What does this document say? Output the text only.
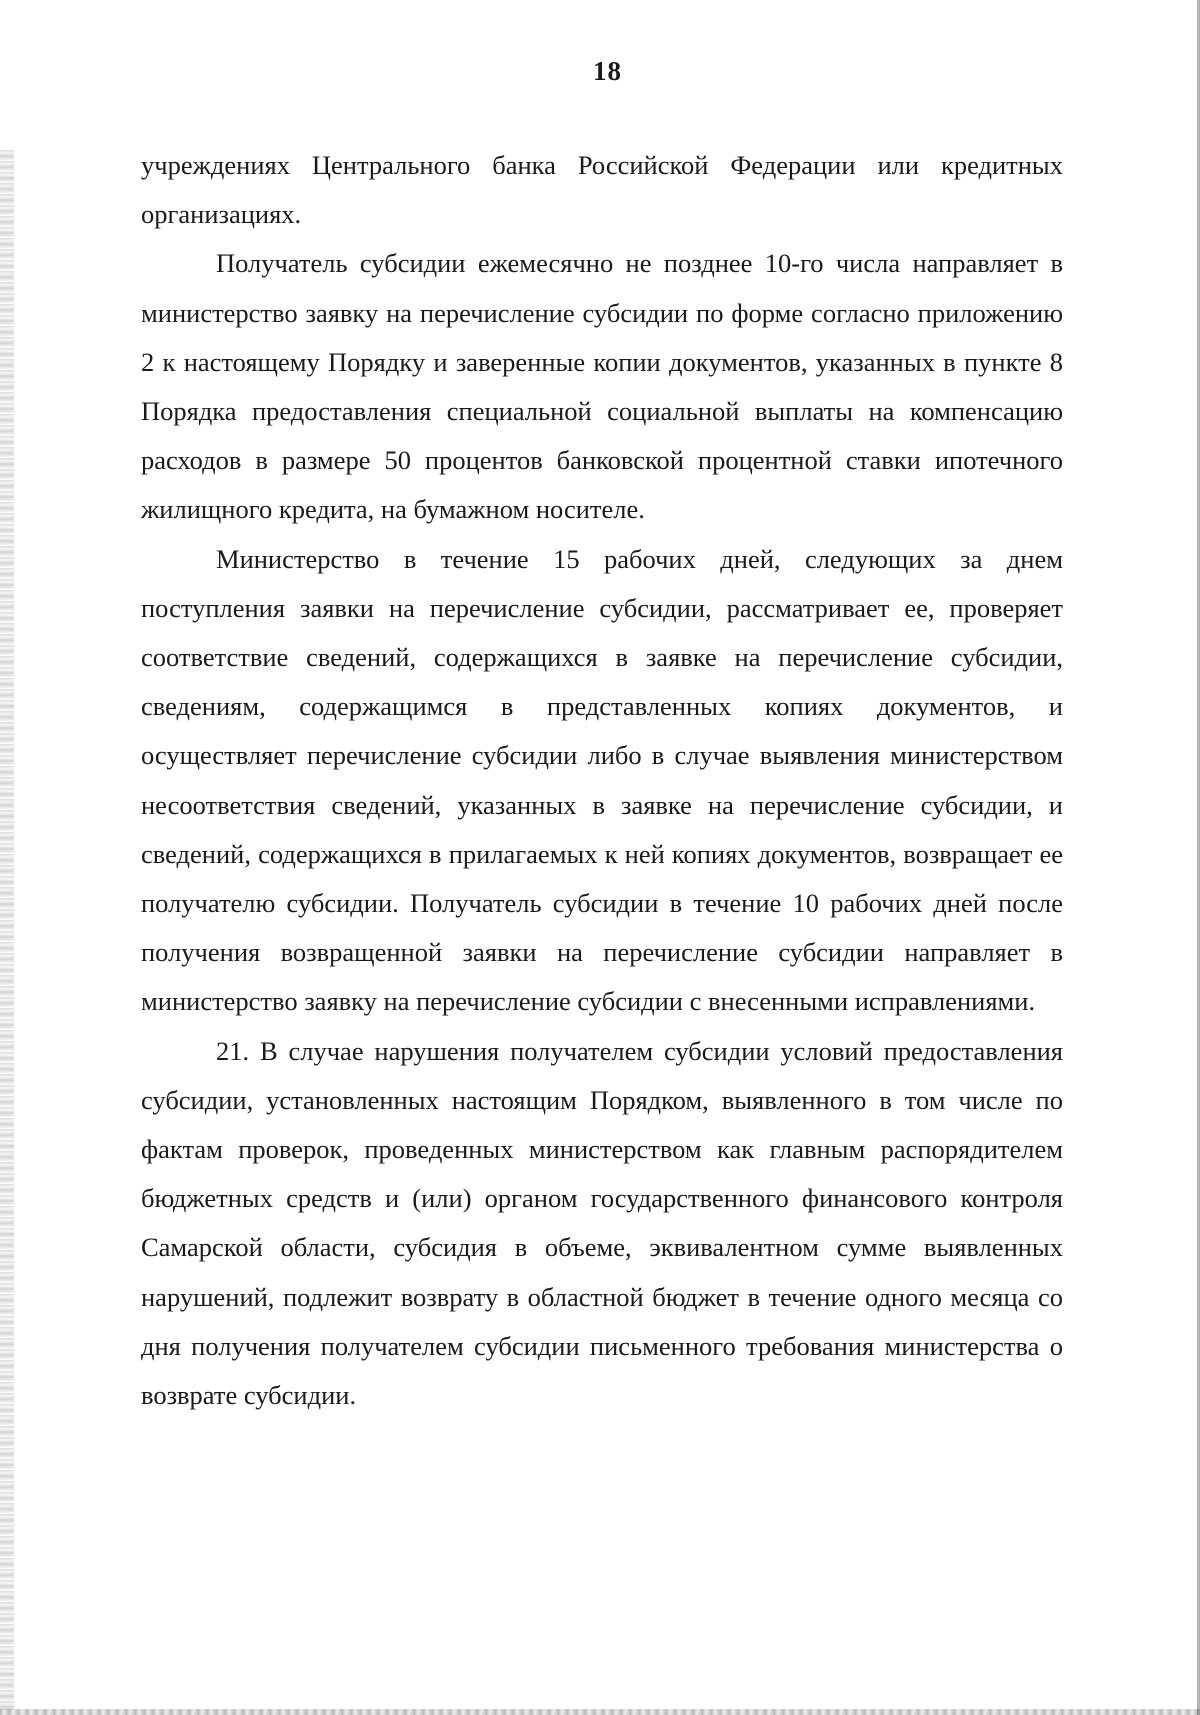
18

учреждениях Центрального банка Российской Федерации или кредитных организациях.

Получатель субсидии ежемесячно не позднее 10-го числа направляет в министерство заявку на перечисление субсидии по форме согласно приложению 2 к настоящему Порядку и заверенные копии документов, указанных в пункте 8 Порядка предоставления специальной социальной выплаты на компенсацию расходов в размере 50 процентов банковской процентной ставки ипотечного жилищного кредита, на бумажном носителе.

Министерство в течение 15 рабочих дней, следующих за днем поступления заявки на перечисление субсидии, рассматривает ее, проверяет соответствие сведений, содержащихся в заявке на перечисление субсидии, сведениям, содержащимся в представленных копиях документов, и осуществляет перечисление субсидии либо в случае выявления министерством несоответствия сведений, указанных в заявке на перечисление субсидии, и сведений, содержащихся в прилагаемых к ней копиях документов, возвращает ее получателю субсидии. Получатель субсидии в течение 10 рабочих дней после получения возвращенной заявки на перечисление субсидии направляет в министерство заявку на перечисление субсидии с внесенными исправлениями.

21. В случае нарушения получателем субсидии условий предоставления субсидии, установленных настоящим Порядком, выявленного в том числе по фактам проверок, проведенных министерством как главным распорядителем бюджетных средств и (или) органом государственного финансового контроля Самарской области, субсидия в объеме, эквивалентном сумме выявленных нарушений, подлежит возврату в областной бюджет в течение одного месяца со дня получения получателем субсидии письменного требования министерства о возврате субсидии.
